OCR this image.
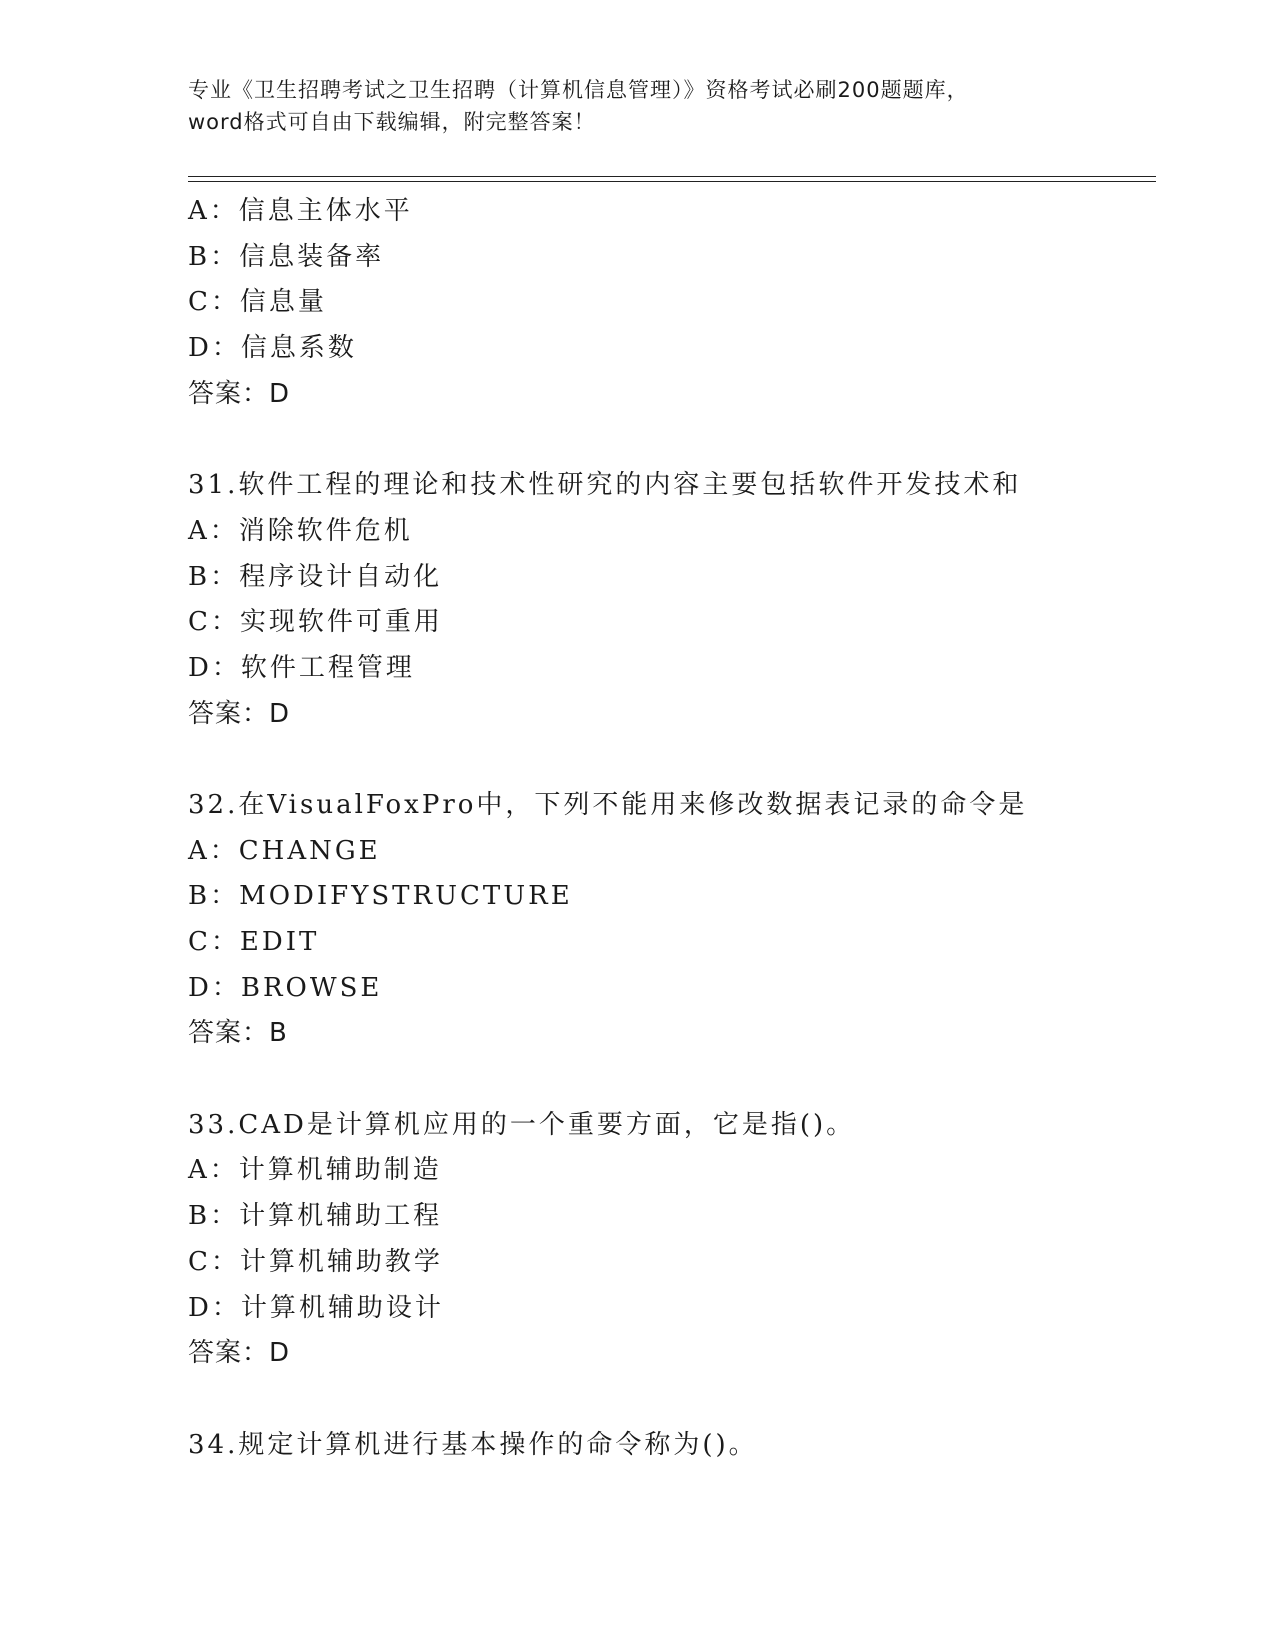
专业《卫生招聘考试之卫生招聘（计算机信息管理）》资格考试必刷200题题库，
word格式可自由下载编辑，附完整答案！
A：信息主体水平
B：信息装备率
C：信息量
D：信息系数
答案：D
31.软件工程的理论和技术性研究的内容主要包括软件开发技术和
A：消除软件危机
B：程序设计自动化
C：实现软件可重用
D：软件工程管理
答案：D
32.在VisualFoxPro中，下列不能用来修改数据表记录的命令是
A：CHANGE
B：MODIFYSTRUCTURE
C：EDIT
D：BROWSE
答案：B
33.CAD是计算机应用的一个重要方面，它是指()。
A：计算机辅助制造
B：计算机辅助工程
C：计算机辅助教学
D：计算机辅助设计
答案：D
34.规定计算机进行基本操作的命令称为()。
